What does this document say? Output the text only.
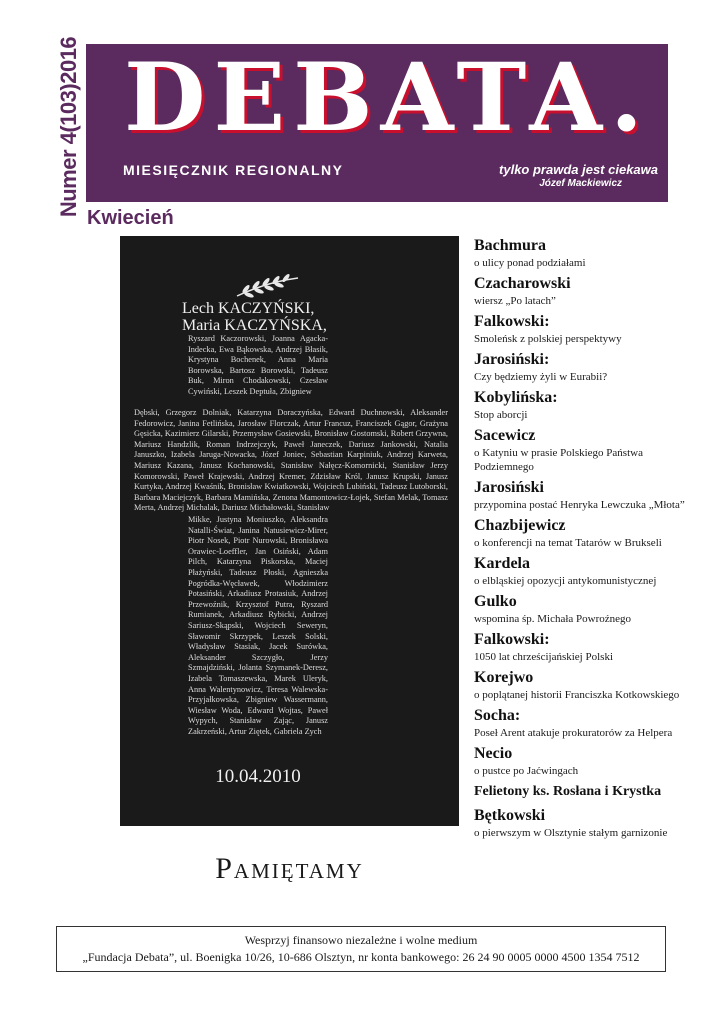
Numer 4(103)2016 DEBATA.
MIESIĘCZNIK REGIONALNY	tylko prawda jest ciekawa
Józef Mackiewicz
Kwiecień
Lech KACZYŃSKI,
Maria KACZYŃSKA,
Ryszard Kaczorowski, Joanna Agacka-Indecka, Ewa Bąkowska, Andrzej Błasik, Krystyna Bochenek, Anna Maria Borowska, Bartosz Borowski, Tadeusz Buk, Miron Chodakowski, Czesław Cywiński, Leszek Deptuła, Zbigniew
Dębski, Grzegorz Dolniak, Katarzyna Doraczyńska, Edward Duchnowski, Aleksander Fedorowicz, Janina Fetlińska, Jarosław Florczak, Artur Francuz, Franciszek Gągor, Grażyna Gęsicka, Kazimierz Gilarski, Przemysław Gosiewski, Bronisław Gostomski, Robert Grzywna, Mariusz Handzlik, Roman Indrzejczyk, Paweł Janeczek, Dariusz Jankowski, Natalia Januszko, Izabela Jaruga-Nowacka, Józef Joniec, Sebastian Karpiniuk, Andrzej Karweta, Mariusz Kazana, Janusz Kochanowski, Stanisław Nałęcz-Komornicki, Stanisław Jerzy Komorowski, Paweł Krajewski, Andrzej Kremer, Zdzisław Król, Janusz Krupski, Janusz Kurtyka, Andrzej Kwaśnik, Bronisław Kwiatkowski, Wojciech Lubiński, Tadeusz Lutoborski, Barbara Maciejczyk, Barbara Mamińska, Zenona Mamontowicz-Łojek, Stefan Melak, Tomasz Merta, Andrzej Michalak, Dariusz Michałowski, Stanisław
Mikke, Justyna Moniuszko, Aleksandra Natalli-Świat, Janina Natusiewicz-Mirer, Piotr Nosek, Piotr Nurowski, Bronisława Orawiec-Loeffler, Jan Osiński, Adam Pilch, Katarzyna Piskorska, Maciej Płażyński, Tadeusz Płoski, Agnieszka Pogródka-Węcławek, Włodzimierz Potasiński, Arkadiusz Protasiuk, Andrzej Przewoźnik, Krzysztof Putra, Ryszard Rumianek, Arkadiusz Rybicki, Andrzej Sariusz-Skąpski, Wojciech Seweryn, Sławomir Skrzypek, Leszek Solski, Władysław Stasiak, Jacek Surówka, Aleksander Szczygło, Jerzy Szmajdziński, Jolanta Szymanek-Deresz, Izabela Tomaszewska, Marek Uleryk, Anna Walentynowicz, Teresa Walewska-Przyjałkowska, Zbigniew Wassermann, Wiesław Woda, Edward Wojtas, Paweł Wypych, Stanisław Zając, Janusz Zakrzeński, Artur Ziętek, Gabriela Zych
10.04.2010
Pamiętamy
Bachmura
o ulicy ponad podziałami
Czacharowski
wiersz „Po latach”
Falkowski:
Smoleńsk z polskiej perspektywy
Jarosiński:
Czy będziemy żyli w Eurabii?
Kobylińska:
Stop aborcji
Sacewicz
o Katyniu w prasie Polskiego Państwa Podziemnego
Jarosiński
przypomina postać Henryka Lewczuka „Młota”
Chazbijewicz
o konferencji na temat Tatarów w Brukseli
Kardela
o elbląskiej opozycji antykomunistycznej
Gulko
wspomina śp. Michała Powroźnego
Falkowski:
1050 lat chrześcijańskiej Polski
Korejwo
o poplątanej historii Franciszka Kotkowskiego
Socha:
Poseł Arent atakuje prokuratorów za Helpera
Necio
o pustce po Jaćwingach
Felietony ks. Rosłana i Krystka
Bętkowski
o pierwszym w Olsztynie stałym garnizonie
Wesprzyj finansowo niezależne i wolne medium
„Fundacja Debata”, ul. Boenigka 10/26, 10-686 Olsztyn, nr konta bankowego: 26 24 90 0005 0000 4500 1354 7512
